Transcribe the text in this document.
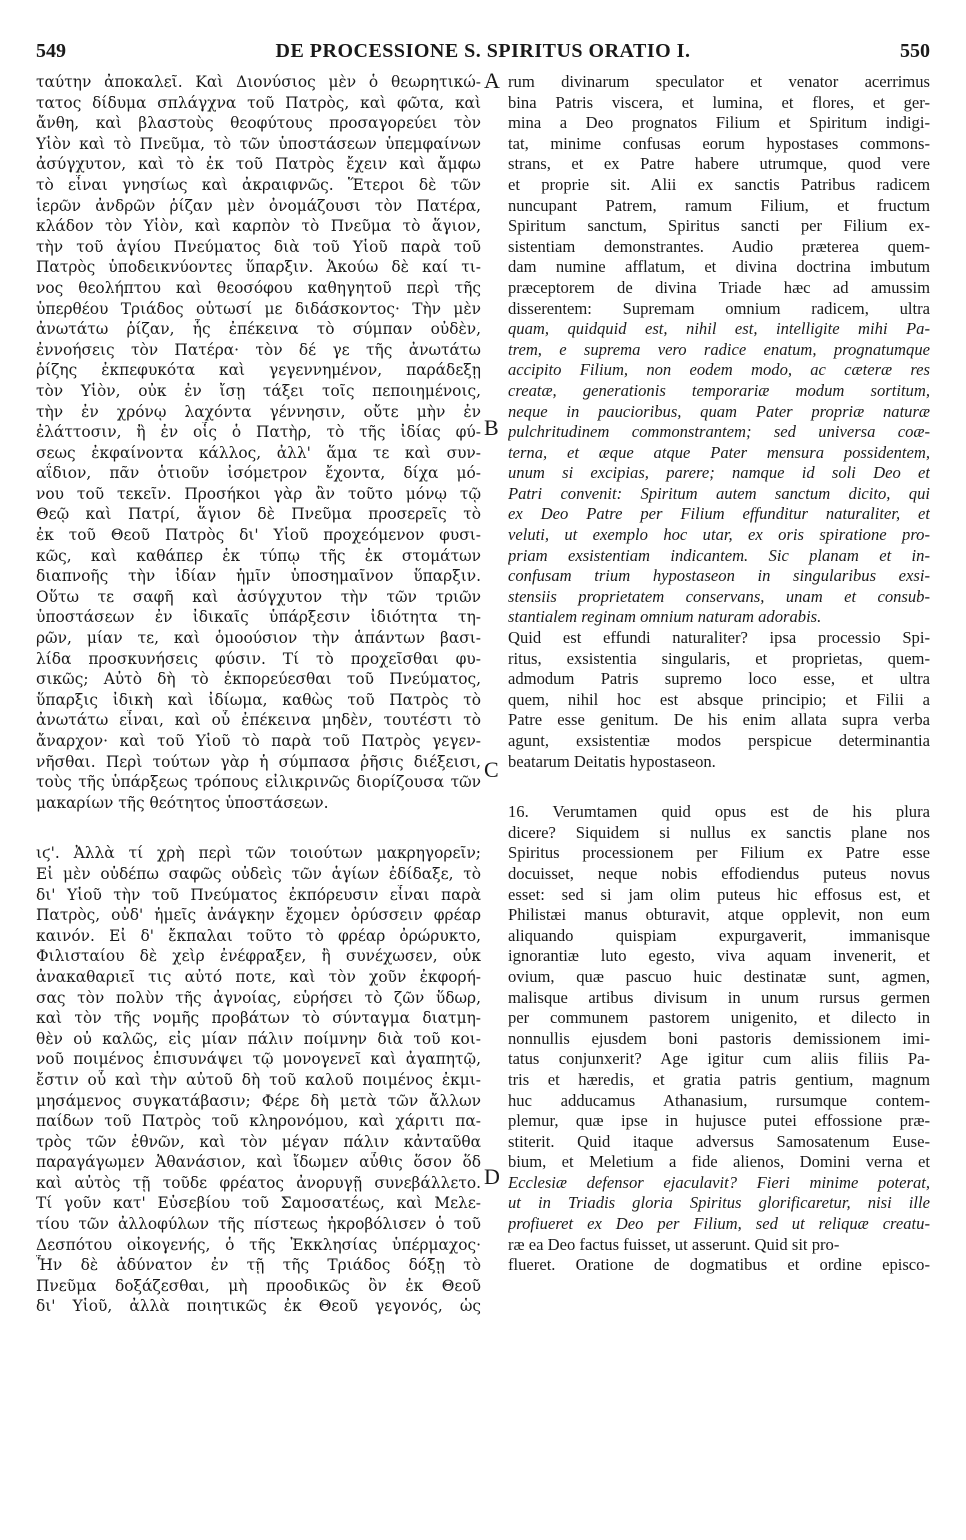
549	DE PROCESSIONE S. SPIRITUS ORATIO I.	550
ταύτην ἀποκαλεῖ. Καὶ Διονύσιος μὲν ὁ θεωρητικώ-
τατος δίδυμα σπλάγχνα τοῦ Πατρὸς, καὶ φῶτα, καὶ
ἄνθη, καὶ βλαστοὺς θεοφύτους προσαγορεύει τὸν
Υἱὸν καὶ τὸ Πνεῦμα, τὸ τῶν ὑποστάσεων ὑπεμφαίνων
ἀσύγχυτον, καὶ τὸ ἐκ τοῦ Πατρὸς ἔχειν καὶ ἄμφω
τὸ εἶναι γνησίως καὶ ἀκραιφνῶς. Ἕτεροι δὲ τῶν
ἱερῶν ἀνδρῶν ῥίζαν μὲν ὀνομάζουσι τὸν Πατέρα,
κλάδον τὸν Υἱὸν, καὶ καρπὸν τὸ Πνεῦμα τὸ ἅγιον,
τὴν τοῦ ἁγίου Πνεύματος διὰ τοῦ Υἱοῦ παρὰ τοῦ
Πατρὸς ὑποδεικνύοντες ὕπαρξιν. Ἀκούω δὲ καί τι-
νος θεολήπτου καὶ θεοσόφου καθηγητοῦ περὶ τῆς
ὑπερθέου Τριάδος οὑτωσί με διδάσκοντος· Τὴν μὲν
ἀνωτάτω ῥίζαν, ἧς ἐπέκεινα τὸ σύμπαν οὐδὲν,
ἐννοήσεις τὸν Πατέρα· τὸν δέ γε τῆς ἀνωτάτω
ῥίζης ἐκπεφυκότα καὶ γεγεννημένον, παράδεξῃ
τὸν Υἱὸν, οὐκ ἐν ἴσῃ τάξει τοῖς πεποιημένοις,
τὴν ἐν χρόνῳ λαχόντα γέννησιν, οὔτε μὴν ἐν
ἐλάττοσιν, ἢ ἐν οἷς ὁ Πατὴρ, τὸ τῆς ἰδίας φύ-
σεως ἐκφαίνοντα κάλλος, ἀλλ' ἅμα τε καὶ συν-
αΐδιον, πᾶν ὁτιοῦν ἰσόμετρον ἔχοντα, δίχα μό-
νου τοῦ τεκεῖν. Προσήκοι γὰρ ἂν τοῦτο μόνῳ τῷ
Θεῷ καὶ Πατρί, ἅγιον δὲ Πνεῦμα προσερεῖς τὸ
ἐκ τοῦ Θεοῦ Πατρὸς δι' Υἱοῦ προχεόμενον φυσι-
κῶς, καὶ καθάπερ ἐκ τύπῳ τῆς ἐκ στομάτων
διαπνοῆς τὴν ἰδίαν ἡμῖν ὑποσημαῖνον ὕπαρξιν.
Οὕτω τε σαφῆ καὶ ἀσύγχυτον τὴν τῶν τριῶν
ὑποστάσεων ἐν ἰδικαῖς ὑπάρξεσιν ἰδιότητα τη-
ρῶν, μίαν τε, καὶ ὁμοούσιον τὴν ἁπάντων βασι-
λίδα προσκυνήσεις φύσιν. Τί τὸ προχεῖσθαι φυ-
σικῶς; Αὐτὸ δὴ τὸ ἐκπορεύεσθαι τοῦ Πνεύματος,
ὕπαρξις ἰδικὴ καὶ ἰδίωμα, καθὼς τοῦ Πατρὸς τὸ
ἀνωτάτω εἶναι, καὶ οὗ ἐπέκεινα μηδὲν, τουτέστι τὸ
ἄναρχον· καὶ τοῦ Υἱοῦ τὸ παρὰ τοῦ Πατρὸς γεγεν-
νῆσθαι. Περὶ τούτων γὰρ ἡ σύμπασα ῥῆσις διέξεισι,
τοὺς τῆς ὑπάρξεως τρόπους εἰλικρινῶς διορίζουσα τῶν
μακαρίων τῆς θεότητος ὑποστάσεων.
ιϛ'. Ἀλλὰ τί χρὴ περὶ τῶν τοιούτων μακρηγορεῖν;
Εἰ μὲν οὐδέπω σαφῶς οὐδεὶς τῶν ἁγίων ἐδίδαξε, τὸ
δι' Υἱοῦ τὴν τοῦ Πνεύματος ἐκπόρευσιν εἶναι παρὰ
Πατρὸς, οὐδ' ἡμεῖς ἀνάγκην ἔχομεν ὀρύσσειν φρέαρ
καινόν. Εἰ δ' ἔκπαλαι τοῦτο τὸ φρέαρ ὀρώρυκτο,
Φιλισταίου δὲ χεὶρ ἐνέφραξεν, ἢ συνέχωσεν, οὐκ
ἀνακαθαριεῖ τις αὐτό ποτε, καὶ τὸν χοῦν ἐκφορή-
σας τὸν πολὺν τῆς ἀγνοίας, εὑρήσει τὸ ζῶν ὕδωρ,
καὶ τὸν τῆς νομῆς προβάτων τὸ σύνταγμα διατμη-
θὲν οὐ καλῶς, εἰς μίαν πάλιν ποίμνην διὰ τοῦ κοι-
νοῦ ποιμένος ἐπισυνάψει τῷ μονογενεῖ καὶ ἀγαπητῷ,
ἔστιν οὗ καὶ τὴν αὐτοῦ δὴ τοῦ καλοῦ ποιμένος ἐκμι-
μησάμενος συγκατάβασιν; Φέρε δὴ μετὰ τῶν ἄλλων
παίδων τοῦ Πατρὸς τοῦ κληρονόμου, καὶ χάριτι πα-
τρὸς τῶν ἐθνῶν, καὶ τὸν μέγαν πάλιν κἀνταῦθα
παραγάγωμεν Ἀθανάσιον, καὶ ἴδωμεν αὖθις ὅσον ὅδ
καὶ αὐτὸς τῇ τοῦδε φρέατος ἀνορυγῇ συνεβάλλετο.
Τί γοῦν κατ' Εὐσεβίου τοῦ Σαμοσατέως, καὶ Μελε-
τίου τῶν ἀλλοφύλων τῆς πίστεως ἠκροβόλισεν ὁ τοῦ
Δεσπότου οἰκογενής, ὁ τῆς Ἐκκλησίας ὑπέρμαχος·
Ἦν δὲ ἀδύνατον ἐν τῇ τῆς Τριάδος δόξῃ τὸ
Πνεῦμα δοξάζεσθαι, μὴ προοδικῶς ὂν ἐκ Θεοῦ
δι' Υἱοῦ, ἀλλὰ ποιητικῶς ἐκ Θεοῦ γεγονός, ὡς
rum divinarum speculator et venator acerrimus
bina Patris viscera, et lumina, et flores, et ger-
mina a Deo prognatos Filium et Spiritum indigi-
tat, minime confusas eorum hypostases commons-
strans, et ex Patre habere utrumque, quod vere
et proprie sit. Alii ex sanctis Patribus radicem
nuncupant Patrem, ramum Filium, et fructum
Spiritum sanctum, Spiritus sancti per Filium ex-
sistentiam demonstrantes. Audio præterea quem-
dam numine afflatum, et divina doctrina imbutum
præceptorem de divina Triade hæc ad amussim
disserentem: Supremam omnium radicem, ultra
quam, quidquid est, nihil est, intelligite mihi Pa-
trem, e suprema vero radice enatum, prognatumque
accipito Filium, non eodem modo, ac cæteræ res
creatæ, generationis temporariæ modum sortitum,
neque in paucioribus, quam Pater propriæ naturæ
pulchritudinem commonstrantem; sed universa coæ-
terna, et æque atque Pater mensura possidentem,
unum si excipias, parere; namque id soli Deo et
Patri convenit: Spiritum autem sanctum dicito, qui
ex Deo Patre per Filium effunditur naturaliter, et
veluti, ut exemplo hoc utar, ex oris spiratione pro-
priam exsistentiam indicantem. Sic planam et in-
confusam trium hypostaseon in singularibus exsi-
stensiis proprietatem conservans, unam et consub-
stantialem reginam omnium naturam adorabis.
Quid est effundi naturaliter? ipsa processio Spi-
ritus, exsistentia singularis, et proprietas, quem-
admodum Patris supremo loco esse, et ultra
quem, nihil hoc est absque principio; et Filii a
Patre esse genitum. De his enim allata supra verba
agunt, exsistentiæ modos perspicue determinantia
beatarum Deitatis hypostaseon.
16. Verumtamen quid opus est de his plura
dicere? Siquidem si nullus ex sanctis plane nos
Spiritus processionem per Filium ex Patre esse
docuisset, neque nobis effodiendus puteus novus
esset: sed si jam olim puteus hic effosus est, et
Philistæi manus obturavit, atque opplevit, non eum
aliquando quispiam expurgaverit, immanisque
ignorantiæ luto egesto, viva aquam invenerit, et
ovium, quæ pascuo huic destinatæ sunt, agmen,
malisque artibus divisum in unum rursus germen
per communem pastorem unigenito, et dilecto in
nonnullis ejusdem boni pastoris demissionem imi-
tatus conjunxerit? Age igitur cum aliis filiis Pa-
tris et hæredis, et gratia patris gentium, magnum
huc adducamus Athanasium, rursumque contem-
plemur, quæ ipse in hujusce putei effossione præ-
stiterit. Quid itaque adversus Samosatenum Euse-
bium, et Meletium a fide alienos, Domini verna et
Ecclesiæ defensor ejaculavit? Fieri minime poterat,
ut in Triadis gloria Spiritus glorificaretur, nisi ille
profiueret ex Deo per Filium, sed ut reliquæ creatu-
ræ ea Deo factus fuisset, ut asserunt. Quid sit pro-
flueret. Oratione de dogmatibus et ordine episco-
A
B
C
D
